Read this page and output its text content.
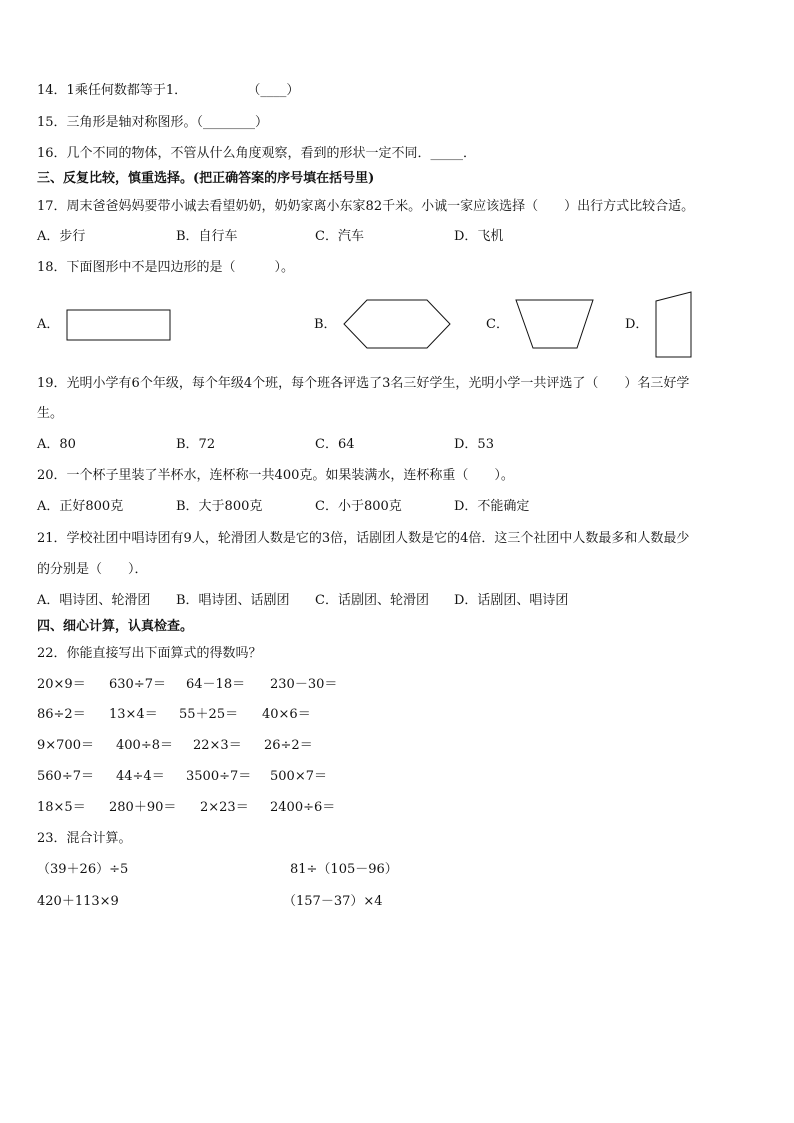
14．1乘任何数都等于1．	（____）
15．三角形是轴对称图形。（________）
16．几个不同的物体，不管从什么角度观察，看到的形状一定不同．_____．
三、反复比较，慎重选择。(把正确答案的序号填在括号里)
17．周末爸爸妈妈要带小诚去看望奶奶，奶奶家离小东家82千米。小诚一家应该选择（　　）出行方式比较合适。
A．步行	B．自行车	C．汽车	D．飞机
18．下面图形中不是四边形的是（　　　）。
A．	B．	C．	D．
19．光明小学有6个年级，每个年级4个班，每个班各评选了3名三好学生，光明小学一共评选了（　　）名三好学
生。
A．80	B．72	C．64	D．53
20．一个杯子里装了半杯水，连杯称一共400克。如果装满水，连杯称重（　　）。
A．正好800克	B．大于800克	C．小于800克	D．不能确定
21．学校社团中唱诗团有9人，轮滑团人数是它的3倍，话剧团人数是它的4倍．这三个社团中人数最多和人数最少
的分别是（　　）．
A．唱诗团、轮滑团 B．唱诗团、话剧团 C．话剧团、轮滑团 D．话剧团、唱诗团
四、细心计算，认真检查。
22．你能直接写出下面算式的得数吗？
20×9＝ 630÷7＝ 64－18＝ 230－30＝
86÷2＝ 13×4＝ 55＋25＝ 40×6＝
9×700＝ 400÷8＝ 22×3＝ 26÷2＝
560÷7＝ 44÷4＝ 3500÷7＝ 500×7＝
18×5＝ 280＋90＝ 2×23＝ 2400÷6＝
23．混合计算。
（39＋26）÷5	81÷（105－96）
420＋113×9	（157－37）×4
